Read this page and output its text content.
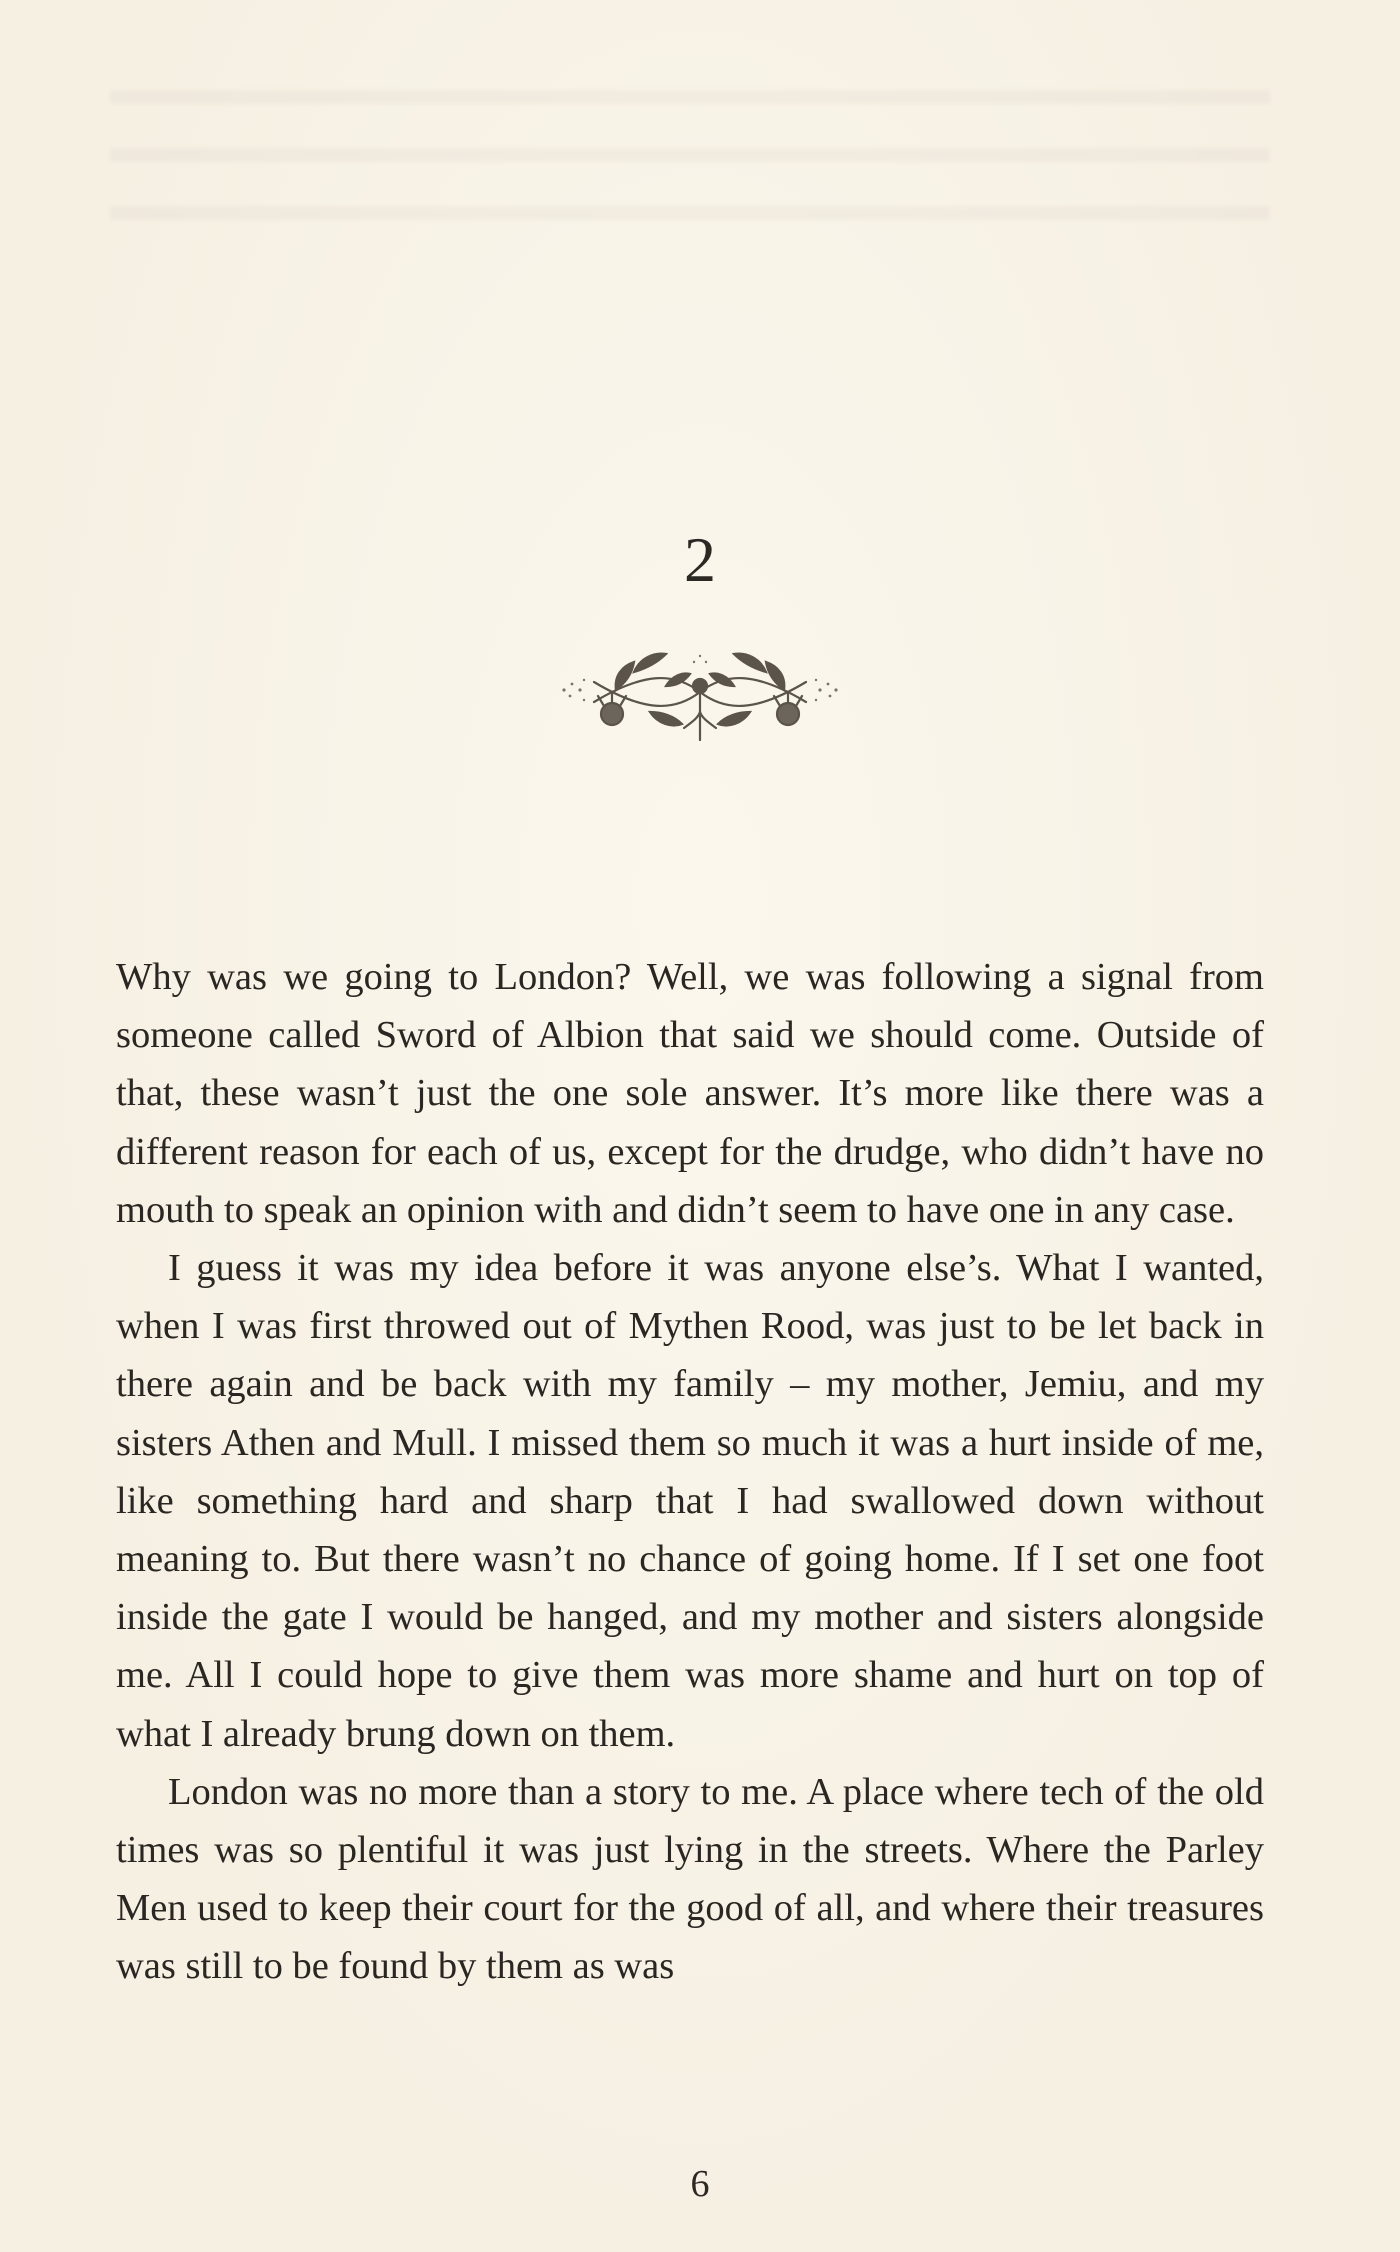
2

Why was we going to London? Well, we was following a signal from someone called Sword of Albion that said we should come. Outside of that, these wasn’t just the one sole answer. It’s more like there was a different reason for each of us, except for the drudge, who didn’t have no mouth to speak an opinion with and didn’t seem to have one in any case.

I guess it was my idea before it was anyone else’s. What I wanted, when I was first throwed out of Mythen Rood, was just to be let back in there again and be back with my family – my mother, Jemiu, and my sisters Athen and Mull. I missed them so much it was a hurt inside of me, like something hard and sharp that I had swallowed down without meaning to. But there wasn’t no chance of going home. If I set one foot inside the gate I would be hanged, and my mother and sisters alongside me. All I could hope to give them was more shame and hurt on top of what I already brung down on them.

London was no more than a story to me. A place where tech of the old times was so plentiful it was just lying in the streets. Where the Parley Men used to keep their court for the good of all, and where their treasures was still to be found by them as was

6
